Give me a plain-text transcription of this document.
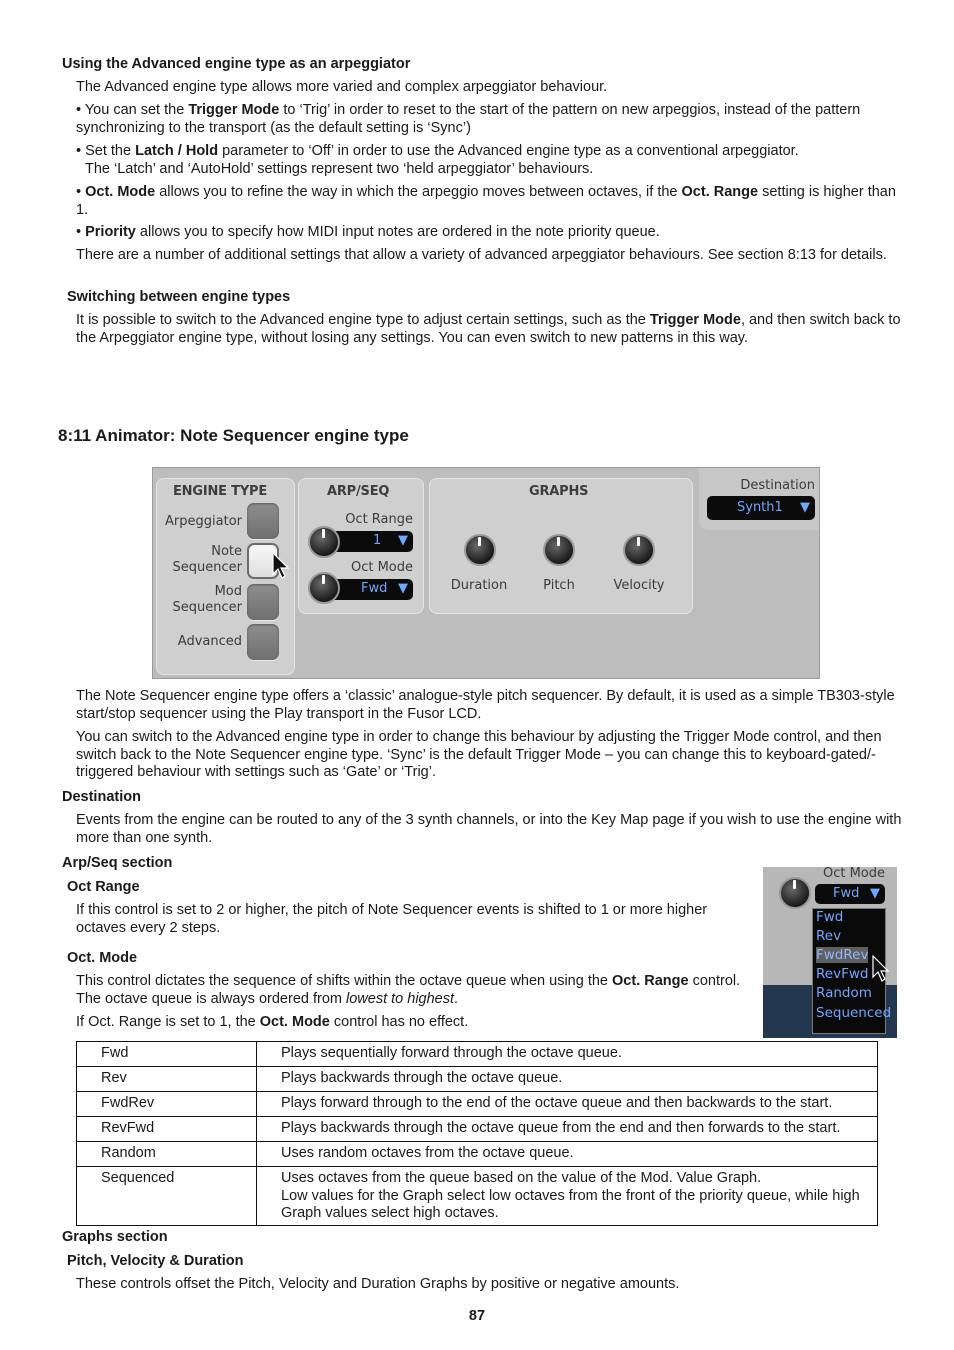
Using the Advanced engine type as an arpeggiator

The Advanced engine type allows more varied and complex arpeggiator behaviour.

• You can set the Trigger Mode to ‘Trig’ in order to reset to the start of the pattern on new arpeggios, instead of the pattern synchronizing to the transport (as the default setting is ‘Sync’)

• Set the Latch / Hold parameter to ‘Off’ in order to use the Advanced engine type as a conventional arpeggiator.
The ‘Latch’ and ‘AutoHold’ settings represent two ‘held arpeggiator’ behaviours.

• Oct. Mode allows you to refine the way in which the arpeggio moves between octaves, if the Oct. Range setting is higher than 1.

• Priority allows you to specify how MIDI input notes are ordered in the note priority queue.

There are a number of additional settings that allow a variety of advanced arpeggiator behaviours. See section 8:13 for details.

Switching between engine types

It is possible to switch to the Advanced engine type to adjust certain settings, such as the Trigger Mode, and then switch back to the Arpeggiator engine type, without losing any settings. You can even switch to new patterns in this way.

8:11 Animator: Note Sequencer engine type
ENGINE TYPE
Arpeggiator
Note
Sequencer
Mod
Sequencer
Advanced
ARP/SEQ
Oct Range
1 ▼
Oct Mode
Fwd ▼
GRAPHS
Duration	Pitch	Velocity
Destination
Synth1 ▼

The Note Sequencer engine type offers a ‘classic’ analogue-style pitch sequencer. By default, it is used as a simple TB303-style start/stop sequencer using the Play transport in the Fusor LCD.

You can switch to the Advanced engine type in order to change this behaviour by adjusting the Trigger Mode control, and then switch back to the Note Sequencer engine type. ‘Sync’ is the default Trigger Mode – you can change this to keyboard-gated/-triggered behaviour with settings such as ‘Gate’ or ‘Trig’.

Destination

Events from the engine can be routed to any of the 3 synth channels, or into the Key Map page if you wish to use the engine with more than one synth.

Arp/Seq section
Oct Range

If this control is set to 2 or higher, the pitch of Note Sequencer events is shifted to 1 or more higher octaves every 2 steps.

Oct. Mode

This control dictates the sequence of shifts within the octave queue when using the Oct. Range control. The octave queue is always ordered from lowest to highest.

If Oct. Range is set to 1, the Oct. Mode control has no effect.

Oct Mode
Fwd ▼
Fwd
Rev
FwdRev
RevFwd
Random
Sequenced
Fwd	Plays sequentially forward through the octave queue.
Rev	Plays backwards through the octave queue.
FwdRev	Plays forward through to the end of the octave queue and then backwards to the start.
RevFwd	Plays backwards through the octave queue from the end and then forwards to the start.
Random	Uses random octaves from the octave queue.
Sequenced	Uses octaves from the queue based on the value of the Mod. Value Graph.
Low values for the Graph select low octaves from the front of the priority queue, while high Graph values select high octaves.
Graphs section
Pitch, Velocity & Duration

These controls offset the Pitch, Velocity and Duration Graphs by positive or negative amounts.

87
